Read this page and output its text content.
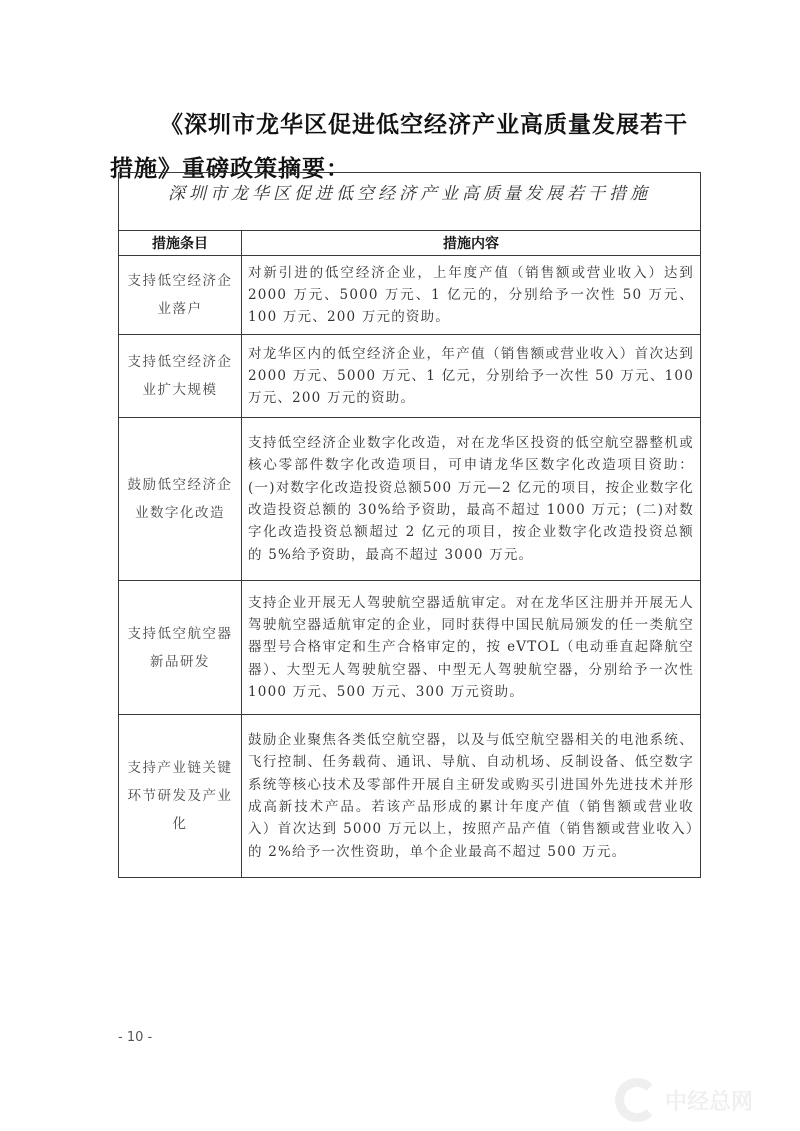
《深圳市龙华区促进低空经济产业高质量发展若干措施》重磅政策摘要：
深圳市龙华区促进低空经济产业高质量发展若干措施	
措施条目	措施内容
支持低空经济企业落户	对新引进的低空经济企业，上年度产值（销售额或营业收入）达到 2000 万元、5000 万元、1 亿元的，分别给予一次性 50 万元、100 万元、200 万元的资助。
支持低空经济企业扩大规模	对龙华区内的低空经济企业，年产值（销售额或营业收入）首次达到 2000 万元、5000 万元、1 亿元，分别给予一次性 50 万元、100 万元、200 万元的资助。
鼓励低空经济企业数字化改造	支持低空经济企业数字化改造，对在龙华区投资的低空航空器整机或核心零部件数字化改造项目，可申请龙华区数字化改造项目资助：(一)对数字化改造投资总额500 万元—2 亿元的项目，按企业数字化改造投资总额的 30%给予资助，最高不超过 1000 万元；(二)对数字化改造投资总额超过 2 亿元的项目，按企业数字化改造投资总额的 5%给予资助，最高不超过 3000 万元。
支持低空航空器新品研发	支持企业开展无人驾驶航空器适航审定。对在龙华区注册并开展无人驾驶航空器适航审定的企业，同时获得中国民航局颁发的任一类航空器型号合格审定和生产合格审定的，按 eVTOL（电动垂直起降航空器）、大型无人驾驶航空器、中型无人驾驶航空器，分别给予一次性 1000 万元、500 万元、300 万元资助。
支持产业链关键环节研发及产业化	鼓励企业聚焦各类低空航空器，以及与低空航空器相关的电池系统、飞行控制、任务载荷、通讯、导航、自动机场、反制设备、低空数字系统等核心技术及零部件开展自主研发或购买引进国外先进技术并形成高新技术产品。若该产品形成的累计年度产值（销售额或营业收入）首次达到 5000 万元以上，按照产品产值（销售额或营业收入）的 2%给予一次性资助，单个企业最高不超过 500 万元。
- 10 -
中经总网
